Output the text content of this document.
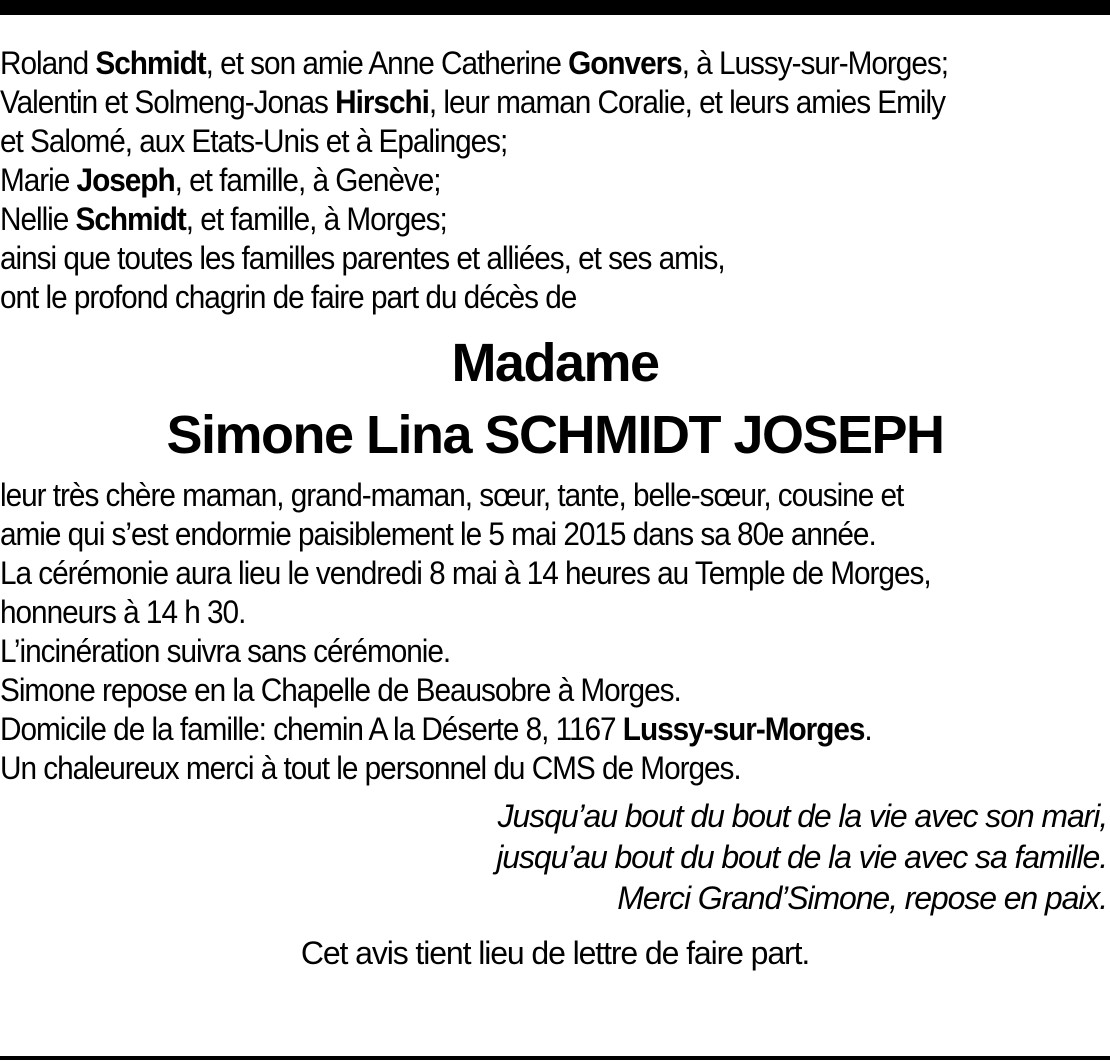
Roland Schmidt, et son amie Anne Catherine Gonvers, à Lussy-sur-Morges;
Valentin et Solmeng-Jonas Hirschi, leur maman Coralie, et leurs amies Emily
et Salomé, aux Etats-Unis et à Epalinges;
Marie Joseph, et famille, à Genève;
Nellie Schmidt, et famille, à Morges;
ainsi que toutes les familles parentes et alliées, et ses amis,
ont le profond chagrin de faire part du décès de
Madame
Simone Lina SCHMIDT JOSEPH
leur très chère maman, grand-maman, sœur, tante, belle-sœur, cousine et
amie qui s’est endormie paisiblement le 5 mai 2015 dans sa 80e année.
La cérémonie aura lieu le vendredi 8 mai à 14 heures au Temple de Morges,
honneurs à 14 h 30.
L’incinération suivra sans cérémonie.
Simone repose en la Chapelle de Beausobre à Morges.
Domicile de la famille: chemin A la Déserte 8, 1167 Lussy-sur-Morges.
Un chaleureux merci à tout le personnel du CMS de Morges.
Jusqu’au bout du bout de la vie avec son mari,
jusqu’au bout du bout de la vie avec sa famille.
Merci Grand’Simone, repose en paix.
Cet avis tient lieu de lettre de faire part.
